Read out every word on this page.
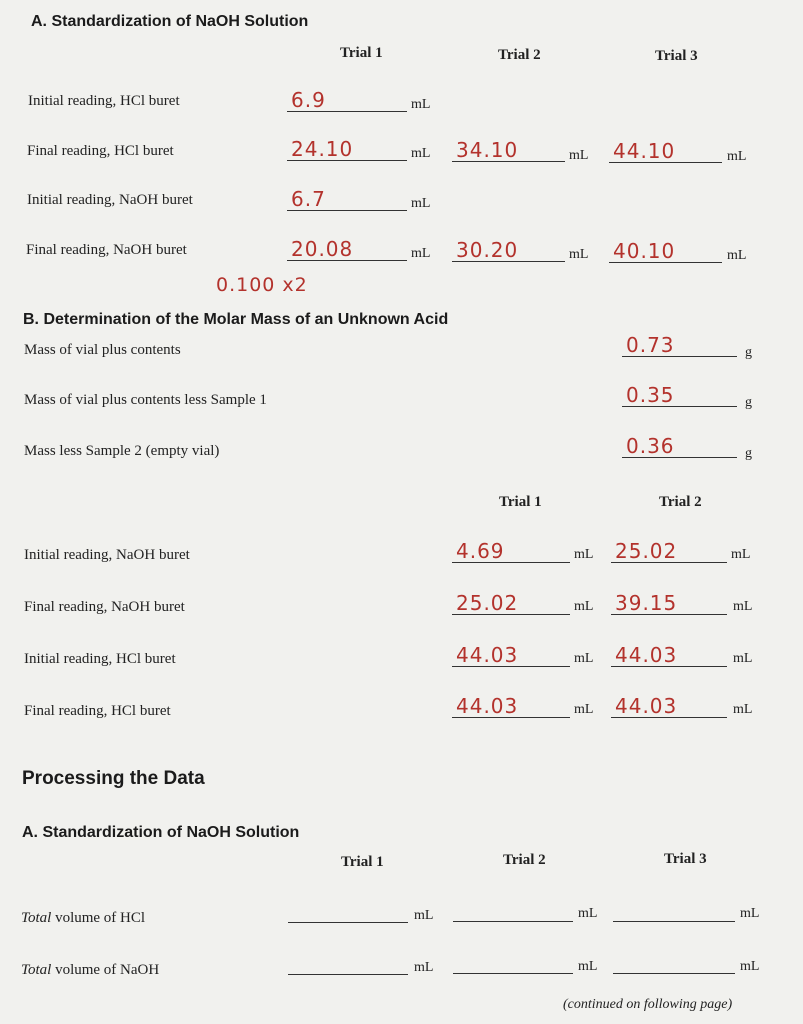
A. Standardization of NaOH Solution
Trial 1	Trial 2	Trial 3
Initial reading, HCl buret	6.9	mL
Final reading, HCl buret	24.10	mL 34.10	mL 44.10	mL
Initial reading, NaOH buret	6.7	mL
Final reading, NaOH buret	20.08	mL 30.20	mL 40.10	mL
0.100 x2
B. Determination of the Molar Mass of an Unknown Acid
Mass of vial plus contents	0.73	g
Mass of vial plus contents less Sample 1	0.35	g
Mass less Sample 2 (empty vial)	0.36	g
Trial 1	Trial 2
Initial reading, NaOH buret	4.69	mL 25.02	mL
Final reading, NaOH buret	25.02	mL 39.15	mL
Initial reading, HCl buret	44.03	mL 44.03	mL
Final reading, HCl buret	44.03	mL 44.03	mL
Processing the Data
A. Standardization of NaOH Solution
Trial 1	Trial 2	Trial 3
Total volume of HCl	mL	mL	mL
Total volume of NaOH	mL	mL	mL
(continued on following page)
